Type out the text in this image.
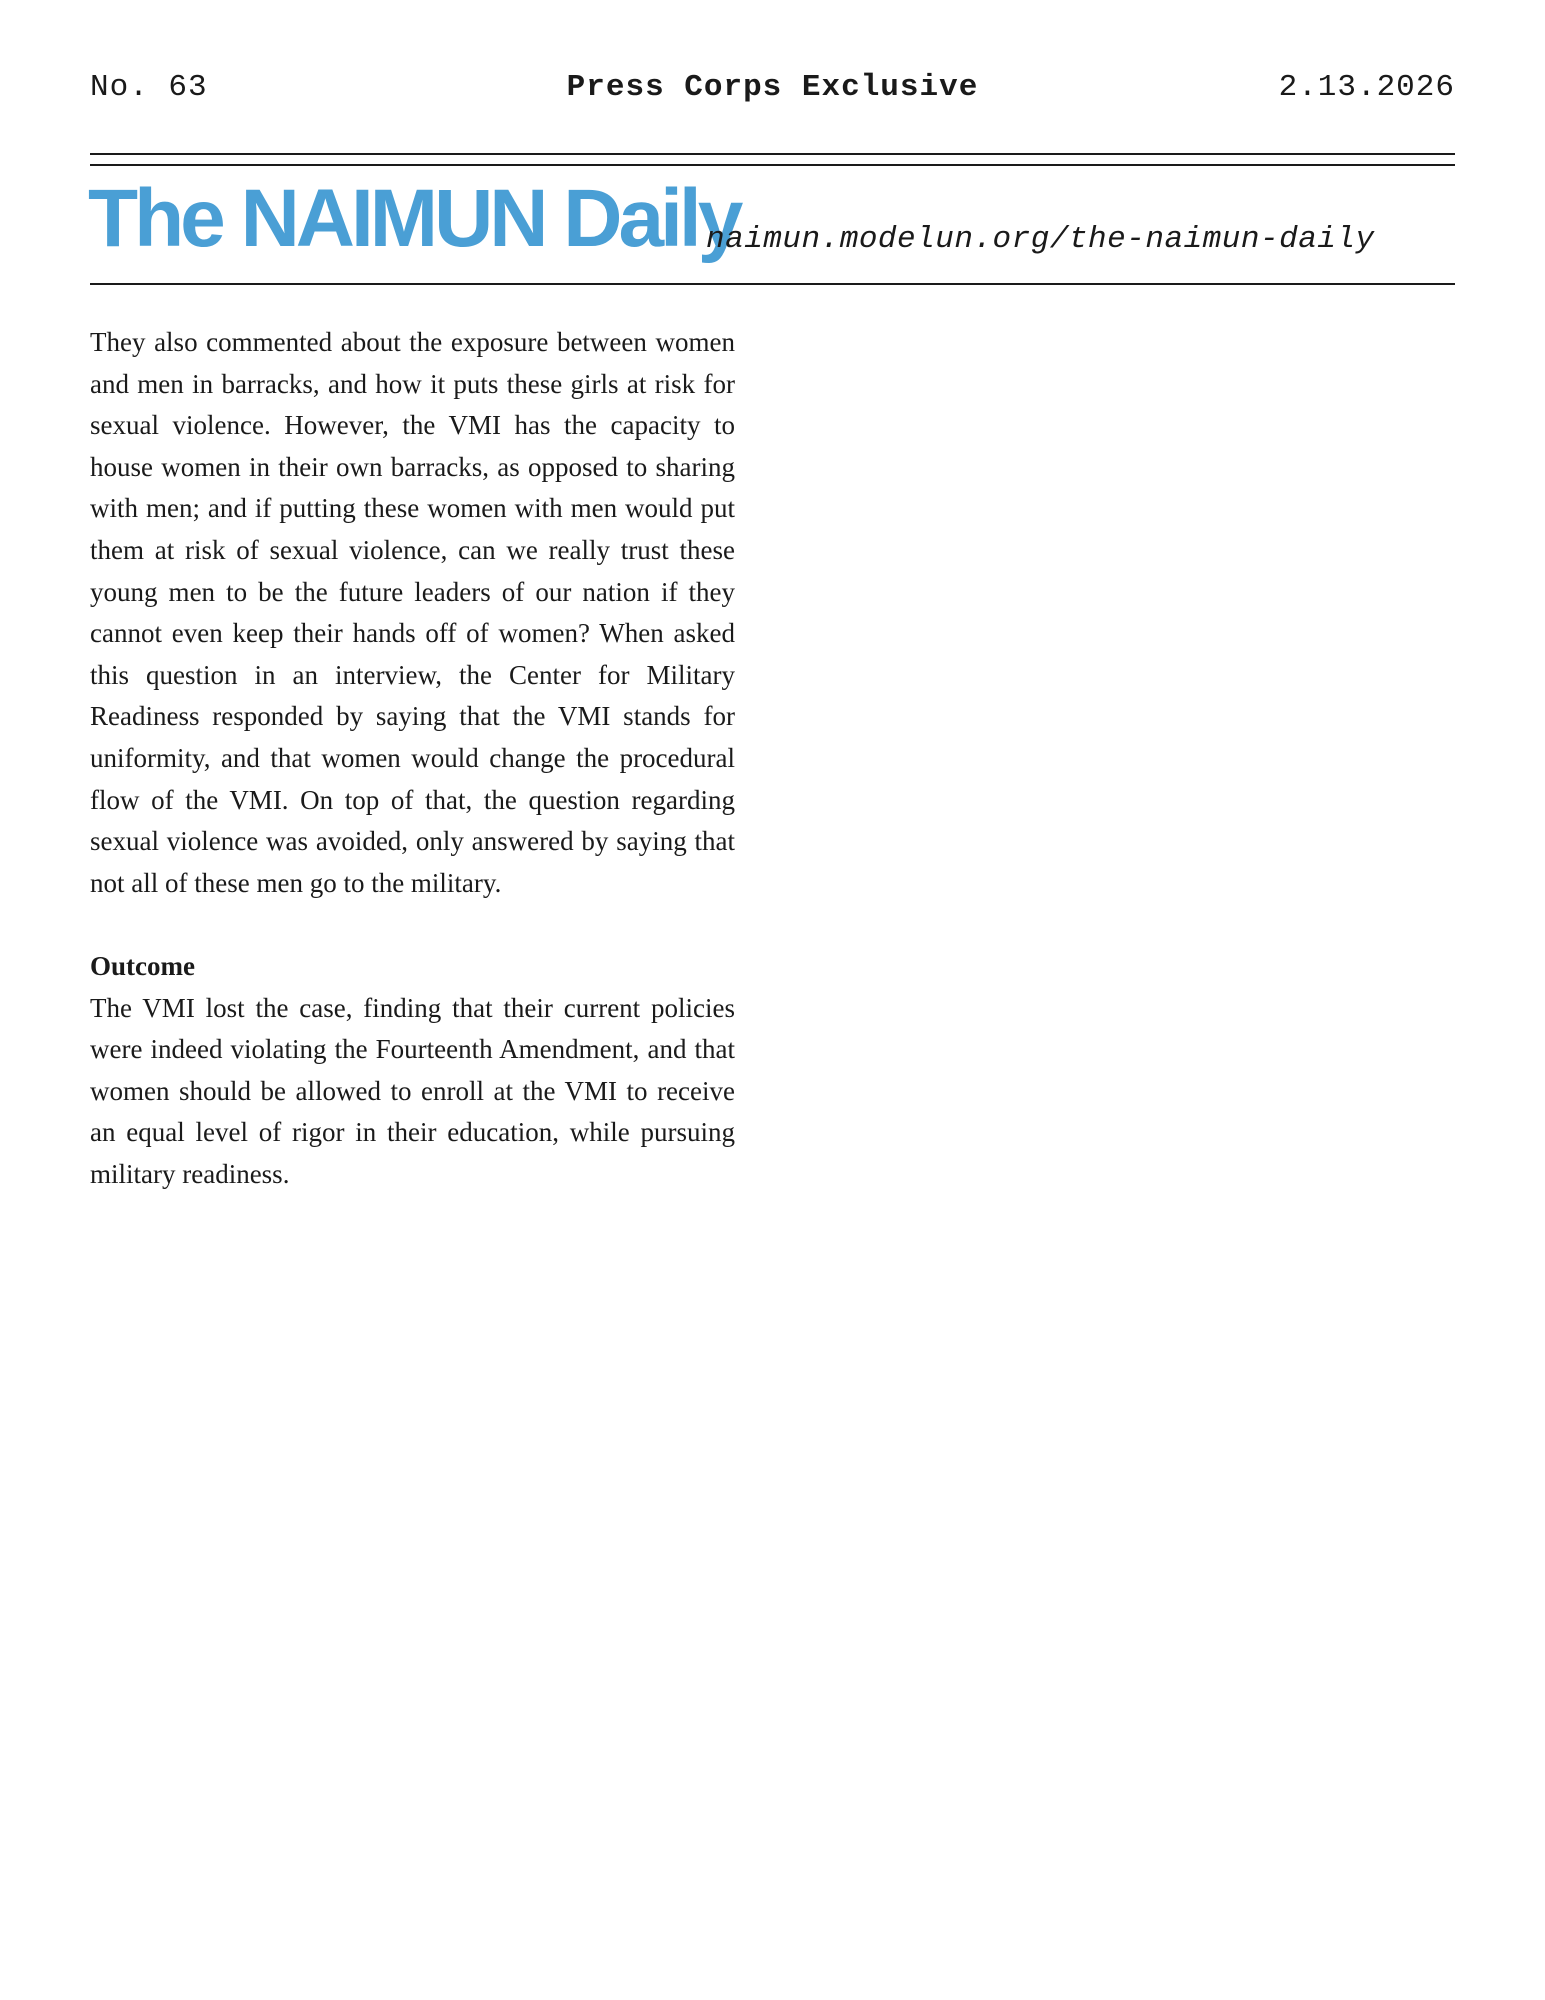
No. 63	Press Corps Exclusive	2.13.2026
The NAIMUN Daily
naimun.modelun.org/the-naimun-daily

They also commented about the exposure between women and men in barracks, and how it puts these girls at risk for sexual violence. However, the VMI has the capacity to house women in their own barracks, as opposed to sharing with men; and if putting these women with men would put them at risk of sexual violence, can we really trust these young men to be the future leaders of our nation if they cannot even keep their hands off of women? When asked this question in an interview, the Center for Military Readiness responded by saying that the VMI stands for uniformity, and that women would change the procedural flow of the VMI. On top of that, the question regarding sexual violence was avoided, only answered by saying that not all of these men go to the military.

Outcome

The VMI lost the case, finding that their current policies were indeed violating the Fourteenth Amendment, and that women should be allowed to enroll at the VMI to receive an equal level of rigor in their education, while pursuing military readiness.
